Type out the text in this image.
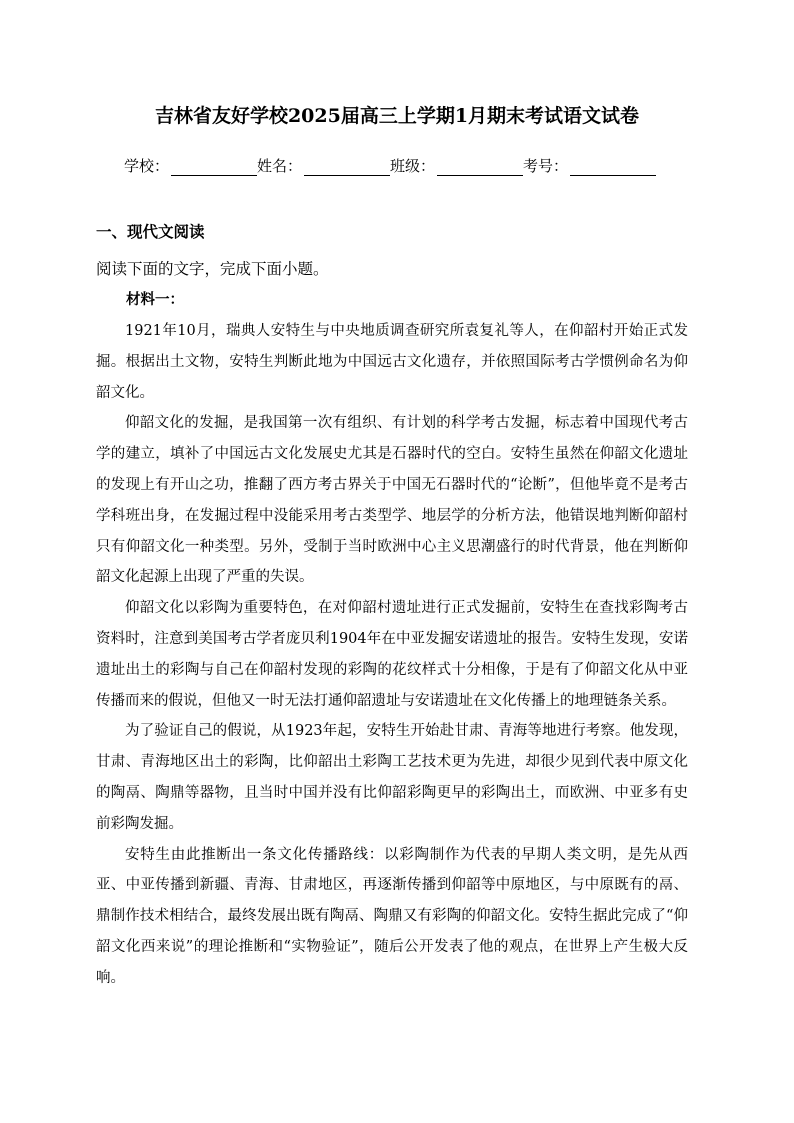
吉林省友好学校2025届高三上学期1月期末考试语文试卷
学校：	姓名：	班级：	考号：
一、现代文阅读
阅读下面的文字，完成下面小题。
材料一：

1921年10月，瑞典人安特生与中央地质调查研究所袁复礼等人，在仰韶村开始正式发掘。根据出土文物，安特生判断此地为中国远古文化遗存，并依照国际考古学惯例命名为仰韶文化。

仰韶文化的发掘，是我国第一次有组织、有计划的科学考古发掘，标志着中国现代考古学的建立，填补了中国远古文化发展史尤其是石器时代的空白。安特生虽然在仰韶文化遗址的发现上有开山之功，推翻了西方考古界关于中国无石器时代的“论断”，但他毕竟不是考古学科班出身，在发掘过程中没能采用考古类型学、地层学的分析方法，他错误地判断仰韶村只有仰韶文化一种类型。另外，受制于当时欧洲中心主义思潮盛行的时代背景，他在判断仰韶文化起源上出现了严重的失误。

仰韶文化以彩陶为重要特色，在对仰韶村遗址进行正式发掘前，安特生在查找彩陶考古资料时，注意到美国考古学者庞贝利1904年在中亚发掘安诺遗址的报告。安特生发现，安诺遗址出土的彩陶与自己在仰韶村发现的彩陶的花纹样式十分相像，于是有了仰韶文化从中亚传播而来的假说，但他又一时无法打通仰韶遗址与安诺遗址在文化传播上的地理链条关系。

为了验证自己的假说，从1923年起，安特生开始赴甘肃、青海等地进行考察。他发现，甘肃、青海地区出土的彩陶，比仰韶出土彩陶工艺技术更为先进，却很少见到代表中原文化的陶鬲、陶鼎等器物，且当时中国并没有比仰韶彩陶更早的彩陶出土，而欧洲、中亚多有史前彩陶发掘。

安特生由此推断出一条文化传播路线：以彩陶制作为代表的早期人类文明，是先从西亚、中亚传播到新疆、青海、甘肃地区，再逐渐传播到仰韶等中原地区，与中原既有的鬲、鼎制作技术相结合，最终发展出既有陶鬲、陶鼎又有彩陶的仰韶文化。安特生据此完成了“仰韶文化西来说”的理论推断和“实物验证”，随后公开发表了他的观点，在世界上产生极大反响。
